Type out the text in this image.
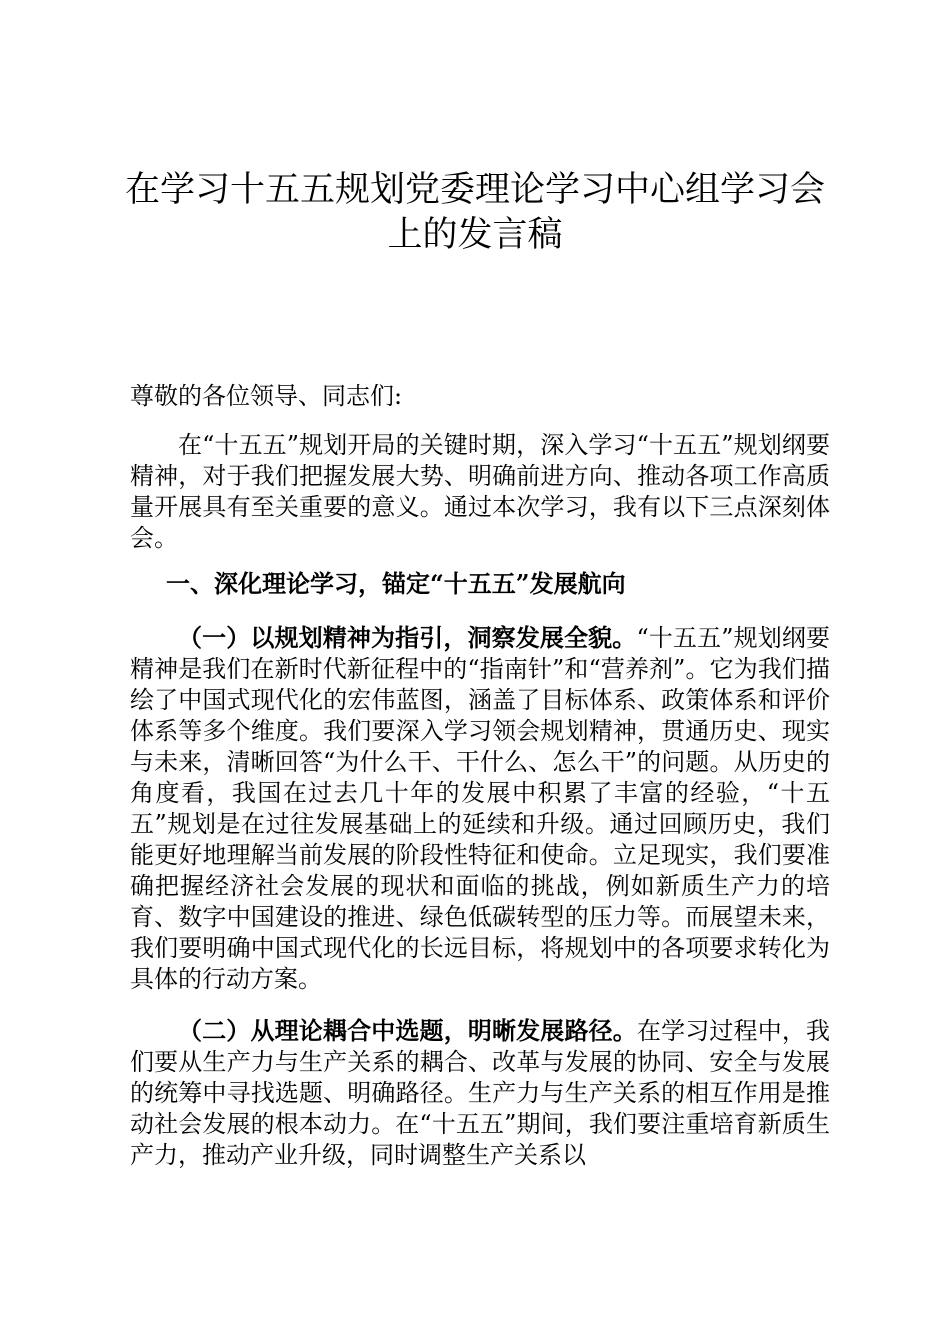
在学习十五五规划党委理论学习中心组学习会上的发言稿

尊敬的各位领导、同志们:

在“十五五”规划开局的关键时期，深入学习“十五五”规划纲要精神，对于我们把握发展大势、明确前进方向、推动各项工作高质量开展具有至关重要的意义。通过本次学习，我有以下三点深刻体会。

一、深化理论学习，锚定“十五五”发展航向

（一）以规划精神为指引，洞察发展全貌。“十五五”规划纲要精神是我们在新时代新征程中的“指南针”和“营养剂”。它为我们描绘了中国式现代化的宏伟蓝图，涵盖了目标体系、政策体系和评价体系等多个维度。我们要深入学习领会规划精神，贯通历史、现实与未来，清晰回答“为什么干、干什么、怎么干”的问题。从历史的角度看，我国在过去几十年的发展中积累了丰富的经验，“十五五”规划是在过往发展基础上的延续和升级。通过回顾历史，我们能更好地理解当前发展的阶段性特征和使命。立足现实，我们要准确把握经济社会发展的现状和面临的挑战，例如新质生产力的培育、数字中国建设的推进、绿色低碳转型的压力等。而展望未来，我们要明确中国式现代化的长远目标，将规划中的各项要求转化为具体的行动方案。

（二）从理论耦合中选题，明晰发展路径。在学习过程中，我们要从生产力与生产关系的耦合、改革与发展的协同、安全与发展的统筹中寻找选题、明确路径。生产力与生产关系的相互作用是推动社会发展的根本动力。在“十五五”期间，我们要注重培育新质生产力，推动产业升级，同时调整生产关系以
